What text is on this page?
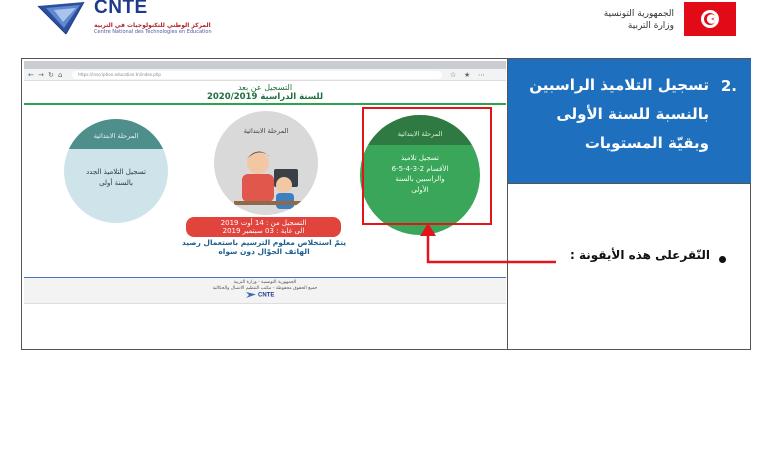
CNTE
المركز الوطني للتكنولوجيات في التربية
Centre National des Technologies en Education
الجمهورية التونسية
وزارة التربية
← → ↻ ⌂	https://inscription.education.tn/index.php	☆ ★ ⋯
التسجيل عن بعد
للسنة الدراسية 2020/2019
المرحلة الابتدائية
تسجيل التلاميذ الجدد
بالسنة أولى
المرحلة الابتدائية	المرحلة الابتدائية
تسجيل تلاميذ
الأقسام 2-3-4-5-6
والراسبين بالسنة
الأولى
التسجيل من : 14 أوت 2019
الى غاية : 03 سبتمبر 2019
يتمّ استخلاص معلوم الترسيم باستعمال رصيد
الهاتف الجوّال دون سواه
الجمهورية التونسية - وزارة التربية
جميع الحقوق محفوظة - مكتب التنظيم الاتصال والحكالية
CNTE
2.
تسجيل التلاميذ الراسبين بالنسبة للسنة الأولى وبقيّة المستويات
النّقرعلى هذه الأيقونة :
